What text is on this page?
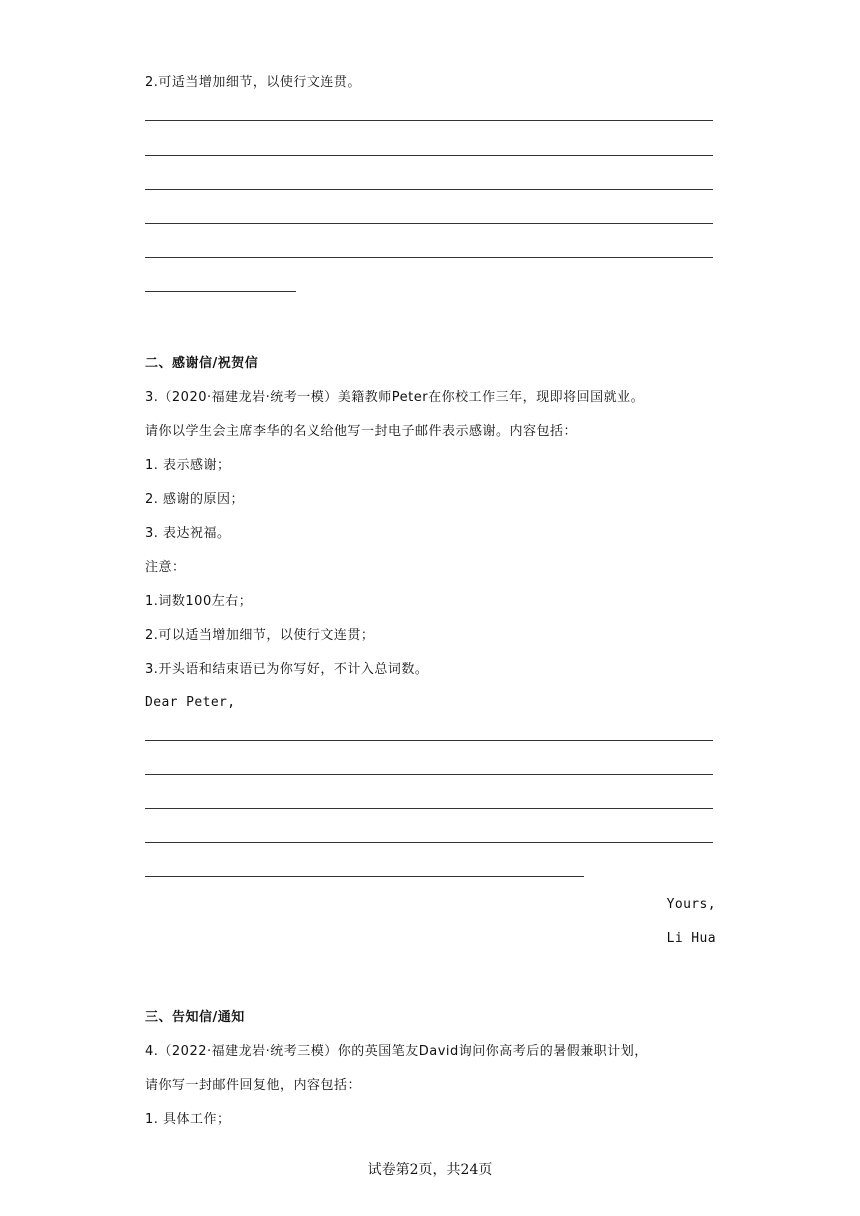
2.可适当增加细节，以使行文连贯。
二、感谢信/祝贺信
3.（2020·福建龙岩·统考一模）美籍教师Peter在你校工作三年，现即将回国就业。
请你以学生会主席李华的名义给他写一封电子邮件表示感谢。内容包括：
1. 表示感谢；
2. 感谢的原因；
3. 表达祝福。
注意：
1.词数100左右；
2.可以适当增加细节，以使行文连贯；
3.开头语和结束语已为你写好，不计入总词数。
Dear Peter,
Yours,
Li Hua
三、告知信/通知
4.（2022·福建龙岩·统考三模）你的英国笔友David询问你高考后的暑假兼职计划，
请你写一封邮件回复他，内容包括：
1. 具体工作；
试卷第2页，共24页
